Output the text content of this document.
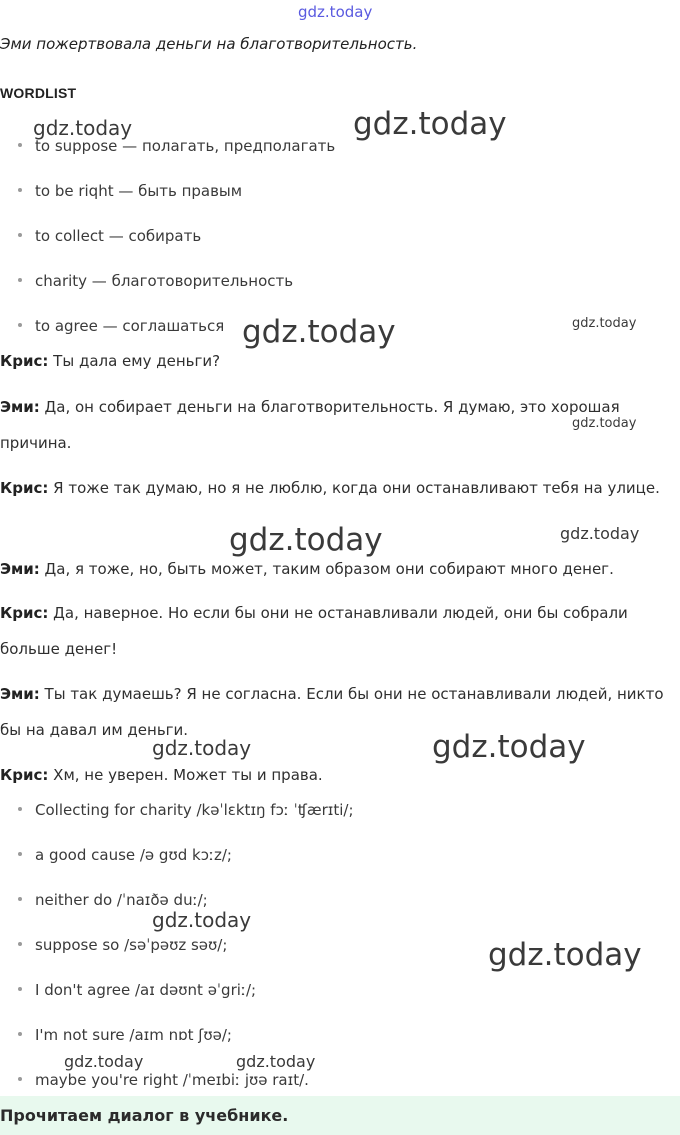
gdz.today

Эми пожертвовала деньги на благотворительность.

WORDLIST

to suppose — полагать, предполагать
to be riqht — быть правым
to collect — собирать
charity — благотоворительность
to agree — соглашаться

Крис: Ты дала ему деньги?

Эми: Да, он собирает деньги на благотворительность. Я думаю, это хорошая причина.

Крис: Я тоже так думаю, но я не люблю, когда они останавливают тебя на улице.

Эми: Да, я тоже, но, быть может, таким образом они собирают много денег.

Крис: Да, наверное. Но если бы они не останавливали людей, они бы собрали больше денег!

Эми: Ты так думаешь? Я не согласна. Если бы они не останавливали людей, никто бы на давал им деньги.

Крис: Хм, не уверен. Может ты и права.

Collecting for charity /kəˈlɛktɪŋ fɔː ˈʧærɪti/;
a good cause /ə gʊd kɔːz/;
neither do /ˈnaɪðə duː/;
suppose so /səˈpəʊz səʊ/;
I don't agree /aɪ dəʊnt əˈgriː/;
I'm not sure /aɪm nɒt ʃʊə/;
maybe you're right /ˈmeɪbiː jʊə raɪt/.
Прочитаем диалог в учебнике.
gdz.today	gdz.today
gdz.today	gdz.today
gdz.today
gdz.today	gdz.today
gdz.today	gdz.today
gdz.today
gdz.today
gdz.today	gdz.today
